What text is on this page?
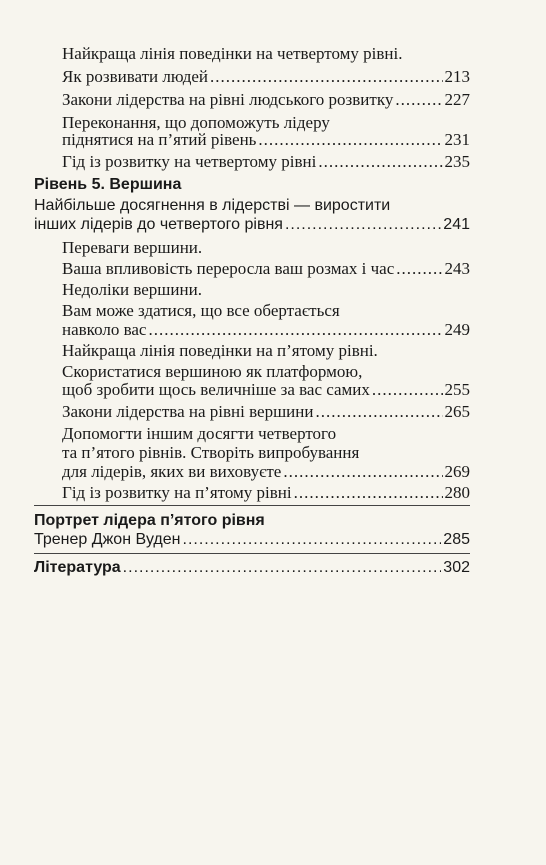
Найкраща лінія поведінки на четвертому рівні.
Як розвивати людей .....	213
Закони лідерства на рівні людського розвитку .....	227
Переконання, що допоможуть лідеру
піднятися на п’ятий рівень .....	231
Гід із розвитку на четвертому рівні .....	235
Рівень 5. Вершина
Найбільше досягнення в лідерстві — виростити
інших лідерів до четвертого рівня .....	241
Переваги вершини.
Ваша впливовість переросла ваш розмах і час .....	243
Недоліки вершини.
Вам може здатися, що все обертається
навколо вас .....	249
Найкраща лінія поведінки на п’ятому рівні.
Скористатися вершиною як платформою,
щоб зробити щось величніше за вас самих .....	255
Закони лідерства на рівні вершини .....	265
Допомогти іншим досягти четвертого
та п’ятого рівнів. Створіть випробування
для лідерів, яких ви виховуєте .....	269
Гід із розвитку на п’ятому рівні .....	280
Портрет лідера п’ятого рівня
Тренер Джон Вуден .....	285
Література .....	302
